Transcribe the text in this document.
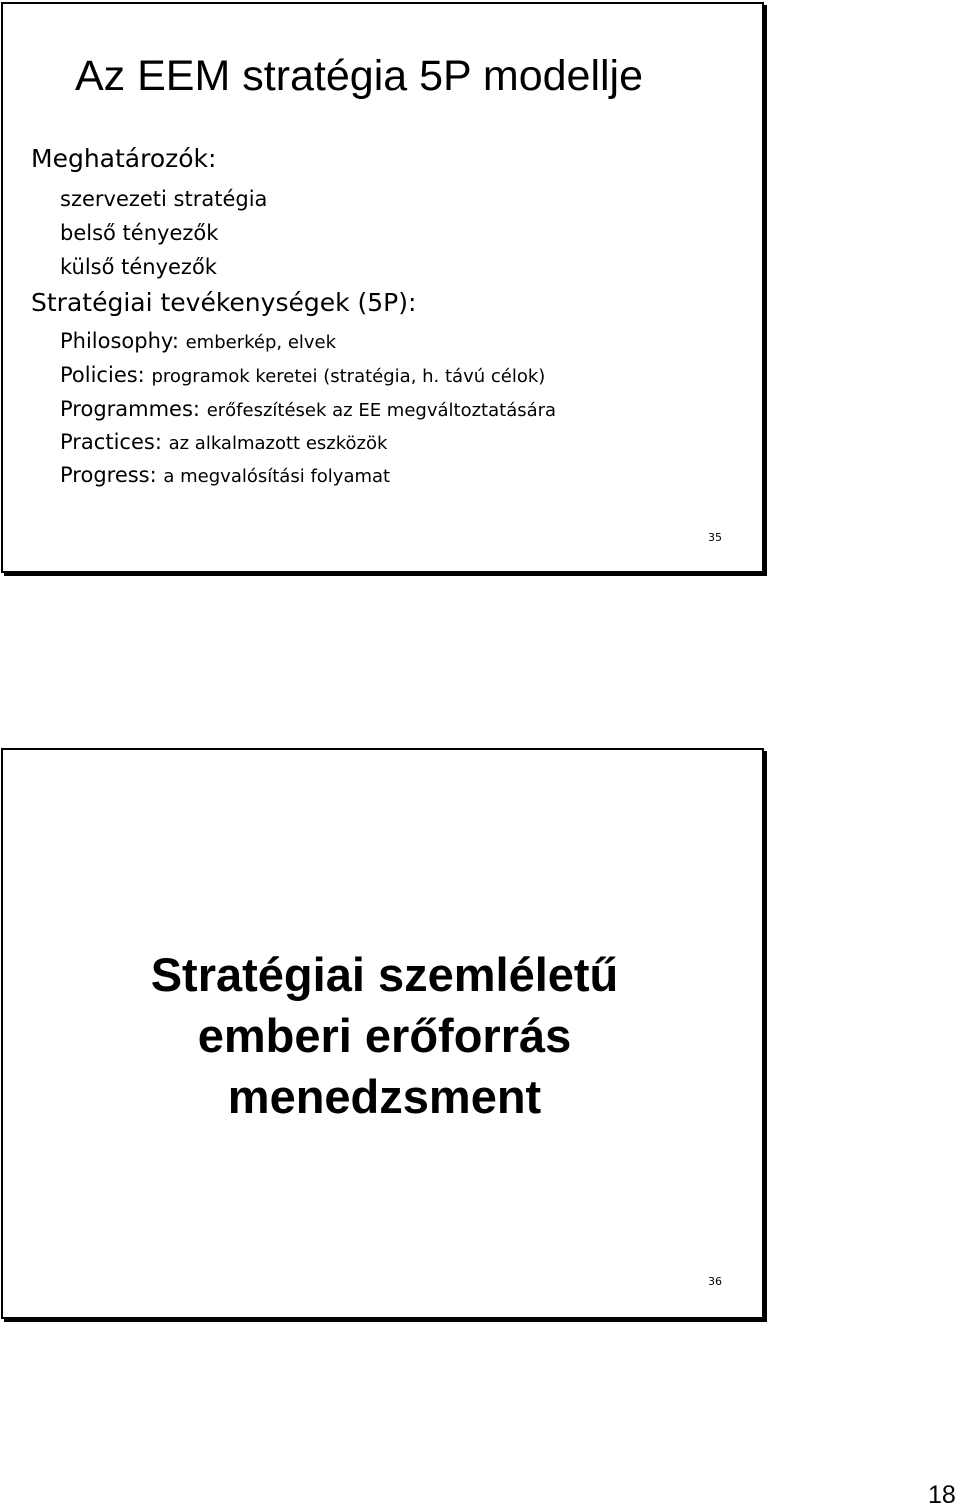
Az EEM stratégia 5P modellje
Meghatározók:
szervezeti stratégia
belső tényezők
külső tényezők
Stratégiai tevékenységek (5P):
Philosophy: emberkép, elvek
Policies: programok keretei (stratégia, h. távú célok)
Programmes: erőfeszítések az EE megváltoztatására
Practices: az alkalmazott eszközök
Progress: a megvalósítási folyamat
35
Stratégiai szemléletű
emberi erőforrás
menedzsment
36
18
